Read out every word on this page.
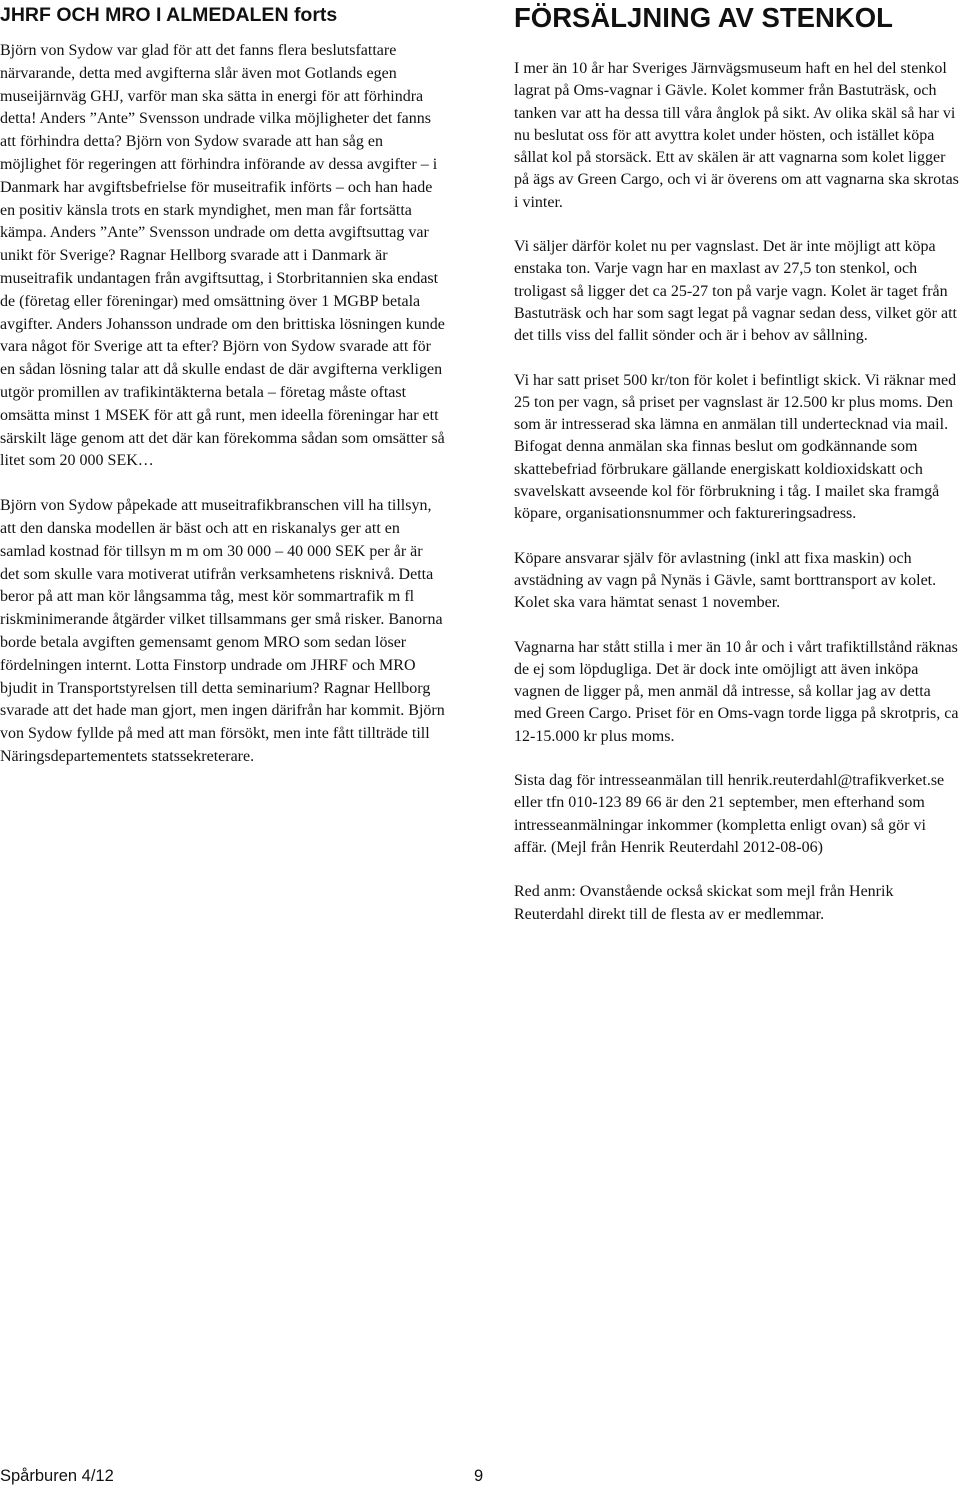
JHRF OCH MRO I ALMEDALEN forts

Björn von Sydow var glad för att det fanns flera beslutsfattare närvarande, detta med avgifterna slår även mot Gotlands egen museijärnväg GHJ, varför man ska sätta in energi för att förhindra detta! Anders ”Ante” Svensson undrade vilka möjligheter det fanns att förhindra detta? Björn von Sydow svarade att han såg en möjlighet för regeringen att förhindra införande av dessa avgifter – i Danmark har avgiftsbefrielse för museitrafik införts – och han hade en positiv känsla trots en stark myndighet, men man får fortsätta kämpa. Anders ”Ante” Svensson undrade om detta avgiftsuttag var unikt för Sverige? Ragnar Hellborg svarade att i Danmark är museitrafik undantagen från avgiftsuttag, i Storbritannien ska endast de (företag eller föreningar) med omsättning över 1 MGBP betala avgifter. Anders Johansson undrade om den brittiska lösningen kunde vara något för Sverige att ta efter? Björn von Sydow svarade att för en sådan lösning talar att då skulle endast de där avgifterna verkligen utgör promillen av trafikintäkterna betala – företag måste oftast omsätta minst 1 MSEK för att gå runt, men ideella föreningar har ett särskilt läge genom att det där kan förekomma sådan som omsätter så litet som 20 000 SEK…

Björn von Sydow påpekade att museitrafikbranschen vill ha tillsyn, att den danska modellen är bäst och att en riskanalys ger att en samlad kostnad för tillsyn m m om 30 000 – 40 000 SEK per år är det som skulle vara motiverat utifrån verksamhetens risknivå. Detta beror på att man kör långsamma tåg, mest kör sommartrafik m fl riskminimerande åtgärder vilket tillsammans ger små risker. Banorna borde betala avgiften gemensamt genom MRO som sedan löser fördelningen internt. Lotta Finstorp undrade om JHRF och MRO bjudit in Transportstyrelsen till detta seminarium? Ragnar Hellborg svarade att det hade man gjort, men ingen därifrån har kommit. Björn von Sydow fyllde på med att man försökt, men inte fått tillträde till Näringsdepartementets statssekreterare.

FÖRSÄLJNING AV STENKOL

I mer än 10 år har Sveriges Järnvägsmuseum haft en hel del stenkol lagrat på Oms-vagnar i Gävle. Kolet kommer från Bastuträsk, och tanken var att ha dessa till våra ånglok på sikt. Av olika skäl så har vi nu beslutat oss för att avyttra kolet under hösten, och istället köpa sållat kol på storsäck. Ett av skälen är att vagnarna som kolet ligger på ägs av Green Cargo, och vi är överens om att vagnarna ska skrotas i vinter.

Vi säljer därför kolet nu per vagnslast. Det är inte möjligt att köpa enstaka ton. Varje vagn har en maxlast av 27,5 ton stenkol, och troligast så ligger det ca 25-27 ton på varje vagn. Kolet är taget från Bastuträsk och har som sagt legat på vagnar sedan dess, vilket gör att det tills viss del fallit sönder och är i behov av sållning.

Vi har satt priset 500 kr/ton för kolet i befintligt skick. Vi räknar med 25 ton per vagn, så priset per vagnslast är 12.500 kr plus moms. Den som är intresserad ska lämna en anmälan till undertecknad via mail. Bifogat denna anmälan ska finnas beslut om godkännande som skattebefriad förbrukare gällande energiskatt koldioxidskatt och svavelskatt avseende kol för förbrukning i tåg. I mailet ska framgå köpare, organisationsnummer och faktureringsadress.

Köpare ansvarar själv för avlastning (inkl att fixa maskin) och avstädning av vagn på Nynäs i Gävle, samt borttransport av kolet. Kolet ska vara hämtat senast 1 november.

Vagnarna har stått stilla i mer än 10 år och i vårt trafiktillstånd räknas de ej som löpdugliga. Det är dock inte omöjligt att även inköpa vagnen de ligger på, men anmäl då intresse, så kollar jag av detta med Green Cargo. Priset för en Oms-vagn torde ligga på skrotpris, ca 12-15.000 kr plus moms.

Sista dag för intresseanmälan till henrik.reuterdahl@trafikverket.se eller tfn 010-123 89 66 är den 21 september, men efterhand som intresseanmälningar inkommer (kompletta enligt ovan) så gör vi affär. (Mejl från Henrik Reuterdahl 2012-08-06)

Red anm: Ovanstående också skickat som mejl från Henrik Reuterdahl direkt till de flesta av er medlemmar.

Spårburen 4/12	9
